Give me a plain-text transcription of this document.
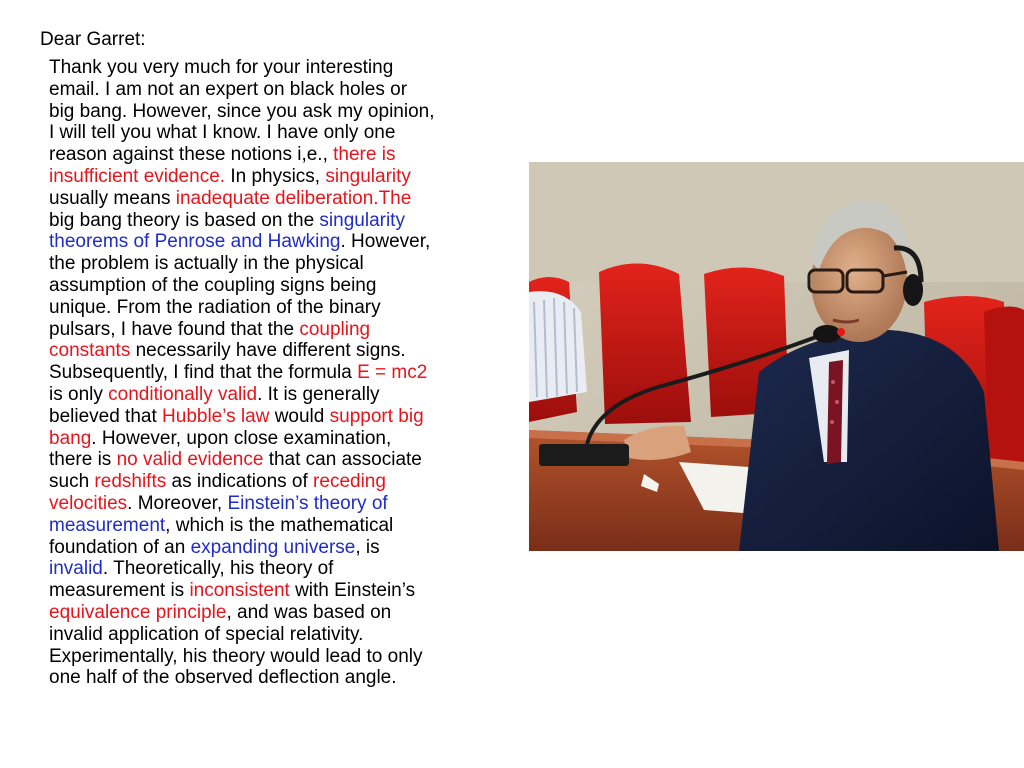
Dear Garret:

Thank you very much for your interesting
email. I am not an expert on black holes or
big bang. However, since you ask my opinion,
I will tell you what I know. I have only one
reason against these notions i,e., there is
insufficient evidence. In physics, singularity
usually means inadequate deliberation.The
big bang theory is based on the singularity
theorems of Penrose and Hawking. However,
the problem is actually in the physical
assumption of the coupling signs being
unique. From the radiation of the binary
pulsars, I have found that the coupling
constants necessarily have different signs.
Subsequently, I find that the formula E = mc2
is only conditionally valid. It is generally
believed that Hubble’s law would support big
bang. However, upon close examination,
there is no valid evidence that can associate
such redshifts as indications of receding
velocities. Moreover, Einstein’s theory of
measurement, which is the mathematical
foundation of an expanding universe, is
invalid. Theoretically, his theory of
measurement is inconsistent with Einstein’s
equivalence principle, and was based on
invalid application of special relativity.
Experimentally, his theory would lead to only
one half of the observed deflection angle.
